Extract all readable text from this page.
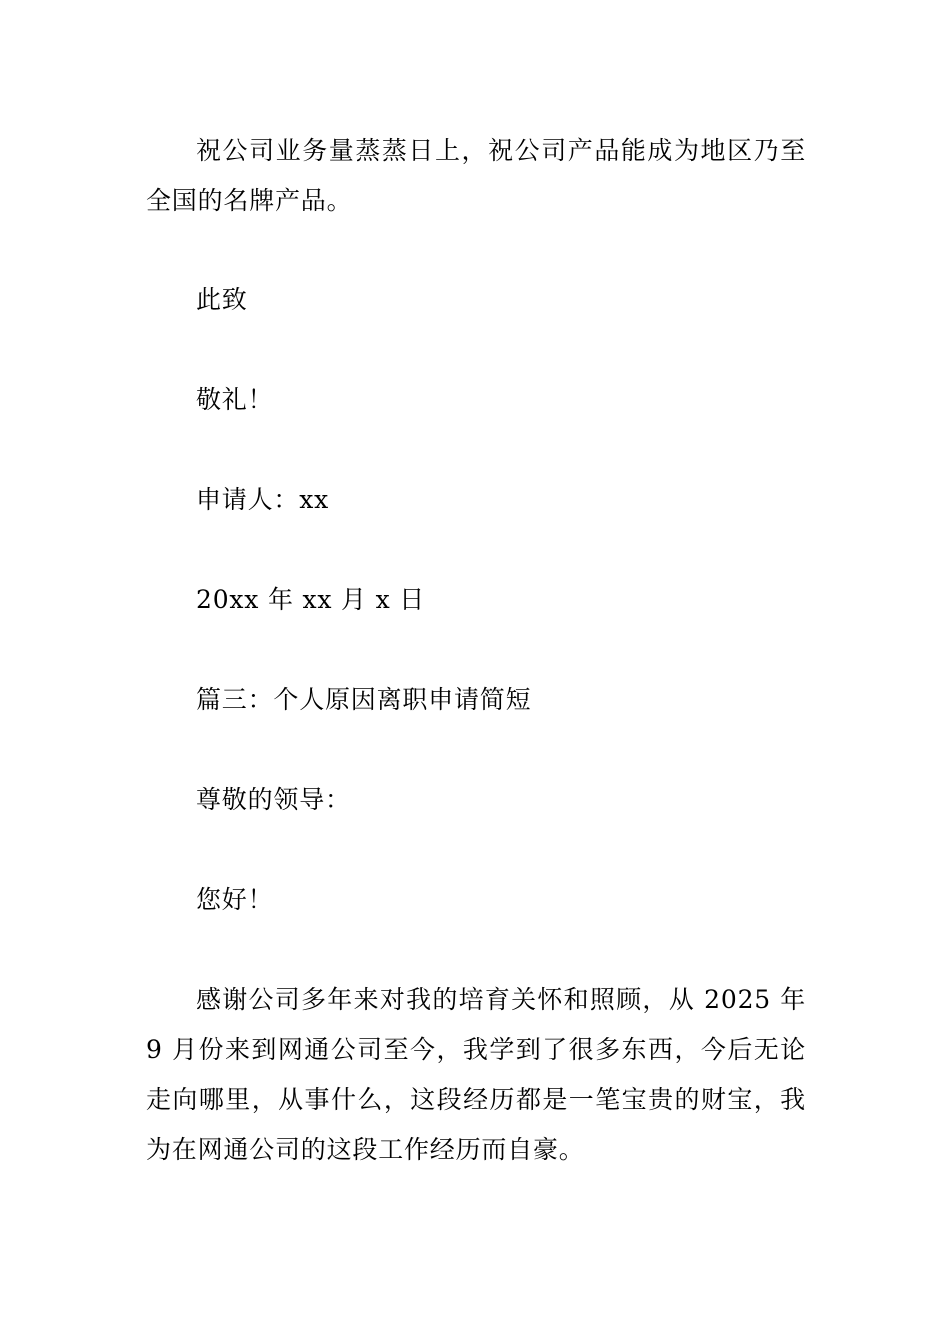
祝公司业务量蒸蒸日上，祝公司产品能成为地区乃至全国的名牌产品。

此致

敬礼！

申请人：xx

20xx 年 xx 月 x 日

篇三：个人原因离职申请简短

尊敬的领导：

您好！

感谢公司多年来对我的培育关怀和照顾，从 2025 年 9 月份来到网通公司至今，我学到了很多东西，今后无论走向哪里，从事什么，这段经历都是一笔宝贵的财宝，我为在网通公司的这段工作经历而自豪。
